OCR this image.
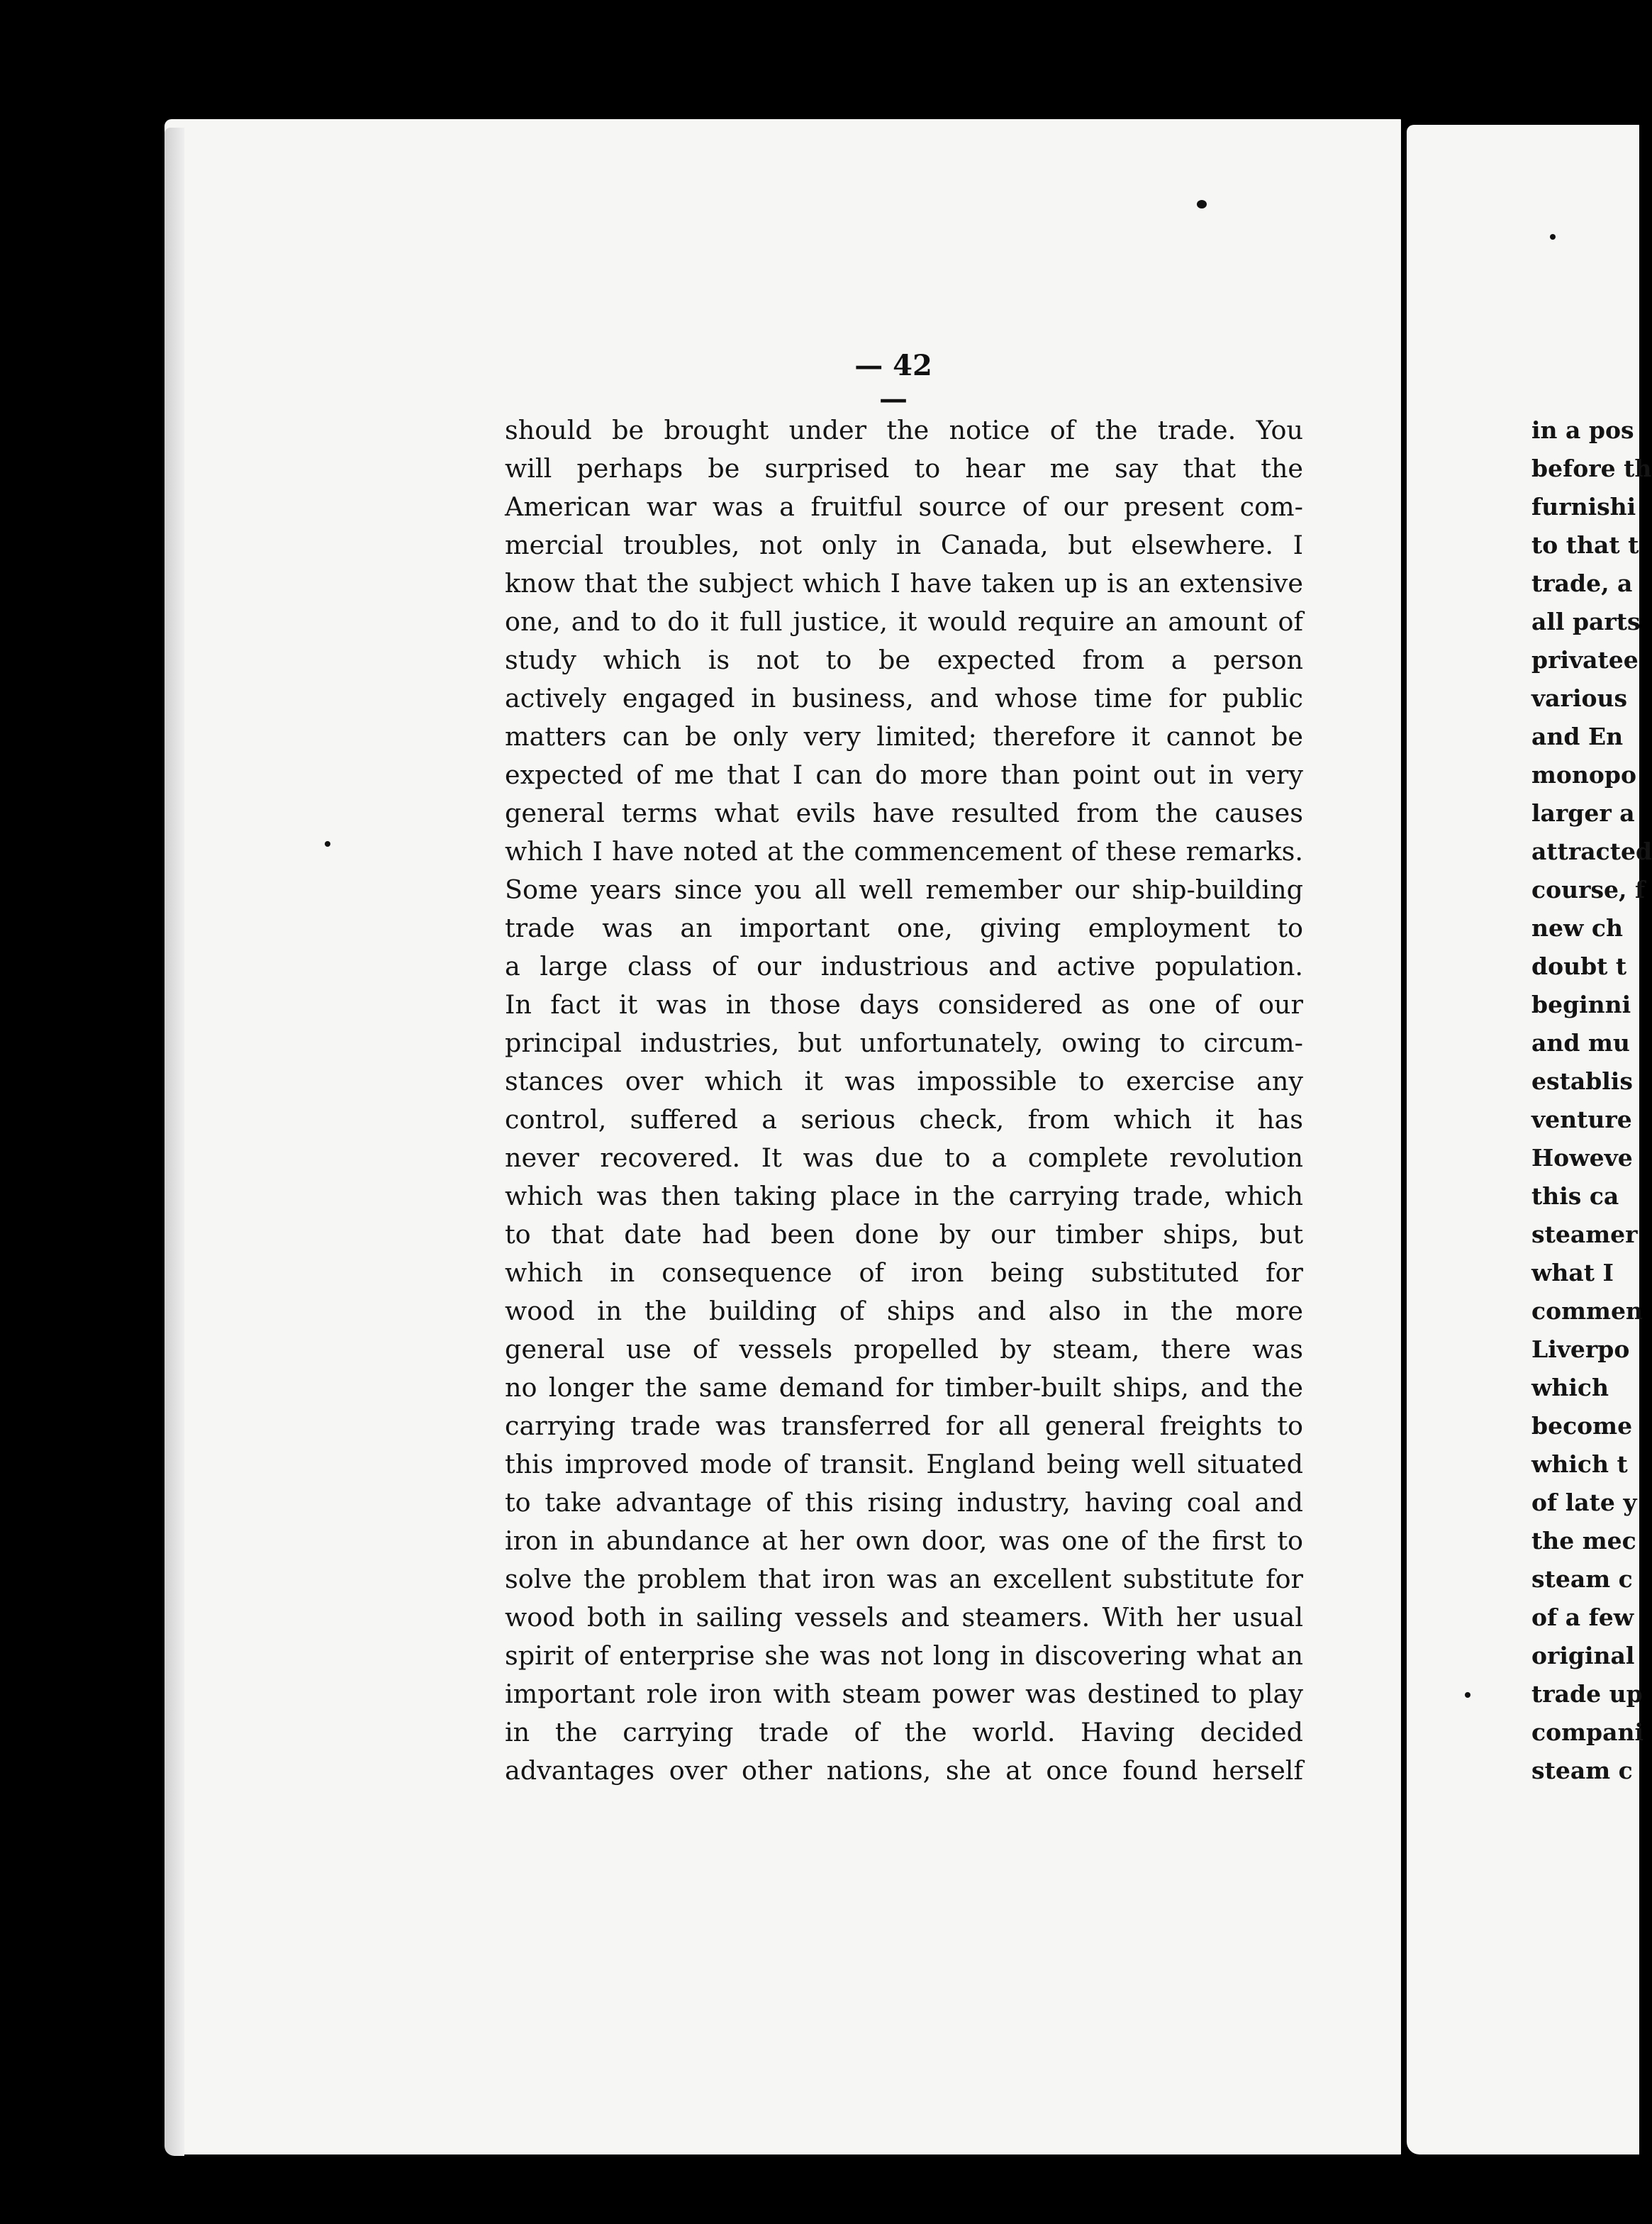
— 42 —
should be brought under the notice of the trade. You
will perhaps be surprised to hear me say that the
American war was a fruitful source of our present com-
mercial troubles, not only in Canada, but elsewhere. I
know that the subject which I have taken up is an extensive
one, and to do it full justice, it would require an amount of
study which is not to be expected from a person
actively engaged in business, and whose time for public
matters can be only very limited; therefore it cannot be
expected of me that I can do more than point out in very
general terms what evils have resulted from the causes
which I have noted at the commencement of these remarks.
Some years since you all well remember our ship-building
trade was an important one, giving employment to
a large class of our industrious and active population.
In fact it was in those days considered as one of our
principal industries, but unfortunately, owing to circum-
stances over which it was impossible to exercise any
control, suffered a serious check, from which it has
never recovered. It was due to a complete revolution
which was then taking place in the carrying trade, which
to that date had been done by our timber ships, but
which in consequence of iron being substituted for
wood in the building of ships and also in the more
general use of vessels propelled by steam, there was
no longer the same demand for timber-built ships, and the
carrying trade was transferred for all general freights to
this improved mode of transit. England being well situated
to take advantage of this rising industry, having coal and
iron in abundance at her own door, was one of the first to
solve the problem that iron was an excellent substitute for
wood both in sailing vessels and steamers. With her usual
spirit of enterprise she was not long in discovering what an
important role iron with steam power was destined to play
in the carrying trade of the world. Having decided
advantages over other nations, she at once found herself
in a pos
before th
furnishi
to that t
trade, a
all parts
privatee
various
and En
monopo
larger a
attracted
course, f
new ch
doubt t
beginni
and mu
establis
venture
Howeve
this ca
steamer
what I
commen
Liverpo
which
become
which t
of late y
the mec
steam c
of a few
original
trade up
compani
steam c
